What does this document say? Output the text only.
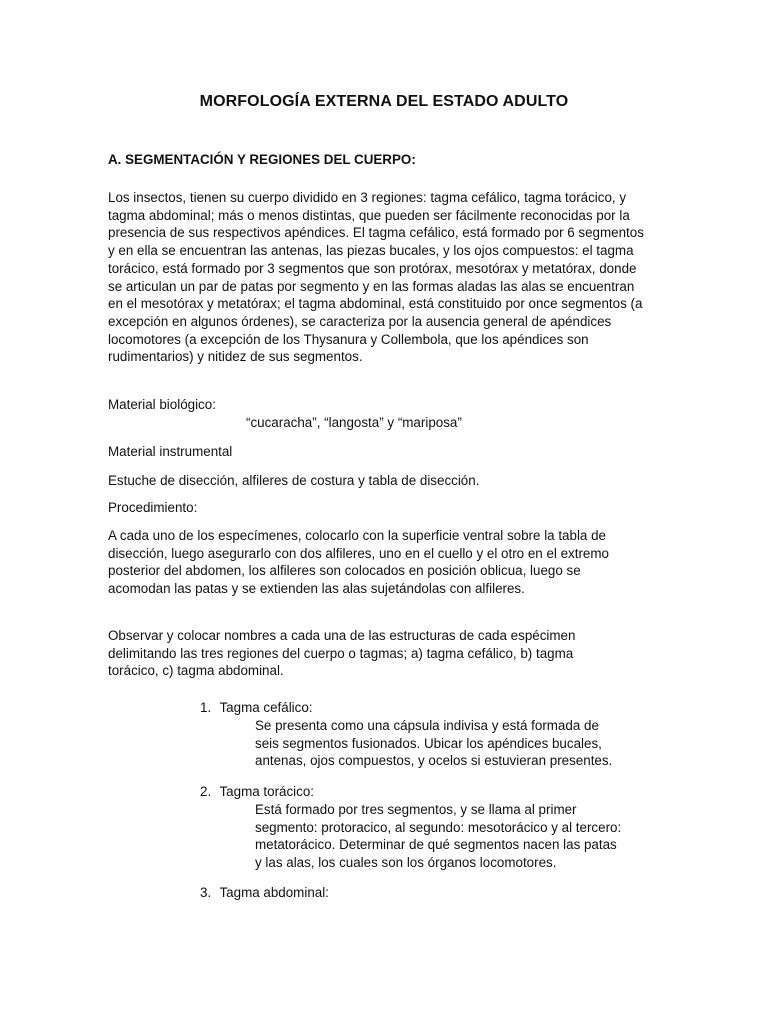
MORFOLOGÍA EXTERNA DEL ESTADO ADULTO
A. SEGMENTACIÓN Y REGIONES DEL CUERPO:
Los insectos, tienen su cuerpo dividido en 3 regiones: tagma cefálico, tagma torácico, y
tagma abdominal; más o menos distintas, que pueden ser fácilmente reconocidas por la
presencia de sus respectivos apéndices. El tagma cefálico, está formado por 6 segmentos
y en ella se encuentran las antenas, las piezas bucales, y los ojos compuestos: el tagma
torácico, está formado por 3 segmentos que son protórax, mesotórax y metatórax, donde
se articulan un par de patas por segmento y en las formas aladas las alas se encuentran
en el mesotórax y metatórax; el tagma abdominal, está constituido por once segmentos (a
excepción en algunos órdenes), se caracteriza por la ausencia general de apéndices
locomotores (a excepción de los Thysanura y Collembola, que los apéndices son
rudimentarios) y nitidez de sus segmentos.
Material biológico:
“cucaracha”, “langosta” y “mariposa”
Material instrumental
Estuche de disección, alfileres de costura y tabla de disección.
Procedimiento:
A cada uno de los especímenes, colocarlo con la superficie ventral sobre la tabla de
disección, luego asegurarlo con dos alfileres, uno en el cuello y el otro en el extremo
posterior del abdomen, los alfileres son colocados en posición oblicua, luego se
acomodan las patas y se extienden las alas sujetándolas con alfileres.
Observar y colocar nombres a cada una de las estructuras de cada espécimen
delimitando las tres regiones del cuerpo o tagmas; a) tagma cefálico, b) tagma
torácico, c) tagma abdominal.
1. Tagma cefálico:
Se presenta como una cápsula indivisa y está formada de
seis segmentos fusionados. Ubicar los apéndices bucales,
antenas, ojos compuestos, y ocelos si estuvieran presentes.
2. Tagma torácico:
Está formado por tres segmentos, y se llama al primer
segmento: protoracico, al segundo: mesotorácico y al tercero:
metatorácico. Determinar de qué segmentos nacen las patas
y las alas, los cuales son los órganos locomotores.
3. Tagma abdominal:
